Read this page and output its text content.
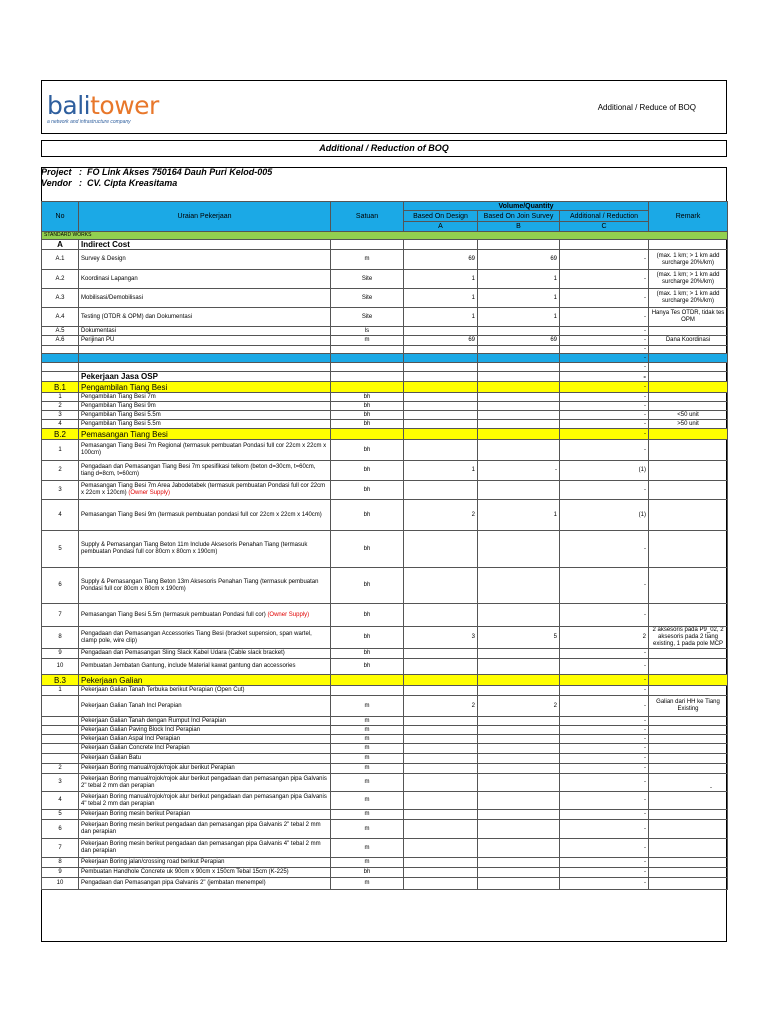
balitower
a network and infrastructure company
Additional / Reduce of BOQ
Additional / Reduction of BOQ
Project : FO Link Akses 750164 Dauh Puri Kelod-005
Vendor : CV. Cipta Kreasitama
No	Uraian Pekerjaan	Satuan	Volume/Quantity			Remark
			Based On Design	Based On Join Survey	Additional / Reduction	
			A	B	C	
STANDARD WORKS						
A	Indirect Cost					
A.1	Survey & Design	m	69	69	-	(max. 1 km; > 1 km add surcharge 20%/km)
A.2	Koordinasi Lapangan	Site	1	1	-	(max. 1 km; > 1 km add surcharge 20%/km)
A.3	Mobilisasi/Demobilisasi	Site	1	1	-	(max. 1 km; > 1 km add surcharge 20%/km)
A.4	Testing (OTDR & OPM) dan Dokumentasi	Site	1	1	-	Hanya Tes OTDR, tidak tes OPM
A.5	Dokumentasi	ls			-	
A.6	Perijinan PU	m	69	69	-	Dana Koordinasi
					-	
					-	
					-	
	Pekerjaan Jasa OSP				-	
B.1	Pengambilan Tiang Besi				-	
1	Pengambilan Tiang Besi 7m	bh			-	
2	Pengambilan Tiang Besi 9m	bh			-	
3	Pengambilan Tiang Besi 5.5m	bh			-	<50 unit
4	Pengambilan Tiang Besi 5.5m	bh			-	>50 unit
B.2	Pemasangan Tiang Besi				-	
1	Pemasangan Tiang Besi 7m Regional (termasuk pembuatan Pondasi full cor 22cm x 22cm x 100cm)	bh			-	
2	Pengadaan dan Pemasangan Tiang Besi 7m spesifikasi telkom (beton d=30cm, t=60cm, tiang d=8cm, t=60cm)	bh	1	-	(1)	
3	Pemasangan Tiang Besi 7m Area Jabodetabek (termasuk pembuatan Pondasi full cor 22cm x 22cm x 120cm) (Owner Supply)	bh			-	
4	Pemasangan Tiang Besi 9m (termasuk pembuatan pondasi full cor 22cm x 22cm x 140cm)	bh	2	1	(1)	
5	Supply & Pemasangan Tiang Beton 11m Include Aksesoris Penahan Tiang (termasuk pembuatan Pondasi full cor 80cm x 80cm x 190cm)	bh			-	
6	Supply & Pemasangan Tiang Beton 13m Aksesoris Penahan Tiang (termasuk pembuatan Pondasi full cor 80cm x 80cm x 190cm)	bh			-	
7	Pemasangan Tiang Besi 5.5m (termasuk pembuatan Pondasi full cor) (Owner Supply)	bh			-	
8	Pengadaan dan Pemasangan Accessories Tiang Besi (bracket supension, span wartel, clamp pole, wire clip)	bh	3	5	2	2 aksesoris pada P9_02, 2 aksesoris pada 2 tiang existing, 1 pada pole MCP
9	Pengadaan dan Pemasangan Sling Slack Kabel Udara (Cable slack bracket)	bh			-	
10	Pembuatan Jembatan Gantung, include Material kawat gantung dan accessories	bh			-	
B.3	Pekerjaan Galian				-	
1	Pekerjaan Galian Tanah Terbuka berikut Perapian (Open Cut)				-	
	Pekerjaan Galian Tanah Incl Perapian	m	2	2	-	Galian dari HH ke Tiang Existing
	Pekerjaan Galian Tanah dengan Rumput Incl Perapian	m			-	
	Pekerjaan Galian Paving Block Incl Perapian	m			-	
	Pekerjaan Galian Aspal Incl Perapian	m			-	
	Pekerjaan Galian Concrete Incl Perapian	m			-	
	Pekerjaan Galian Batu	m			-	
2	Pekerjaan Boring manual/rojok/rojok alur berikut Perapian	m			-	
3	Pekerjaan Boring manual/rojok/rojok alur berikut pengadaan dan pemasangan pipa Galvanis 2" tebal 2 mm dan perapian	m			-	
4	Pekerjaan Boring manual/rojok/rojok alur berikut pengadaan dan pemasangan pipa Galvanis 4" tebal 2 mm dan perapian	m			-	
5	Pekerjaan Boring mesin berikut Perapian	m			-	
6	Pekerjaan Boring mesin berikut pengadaan dan pemasangan pipa Galvanis 2" tebal 2 mm dan perapian	m			-	
7	Pekerjaan Boring mesin berikut pengadaan dan pemasangan pipa Galvanis 4" tebal 2 mm dan perapian	m			-	
8	Pekerjaan Boring jalan/crossing road berikut Perapian	m			-	
9	Pembuatan Handhole Concrete uk 90cm x 90cm x 150cm Tebal 15cm (K-225)	bh			-	
10	Pengadaan dan Pemasangan pipa Galvanis 2" (jembatan menempel)	m			-	
-
